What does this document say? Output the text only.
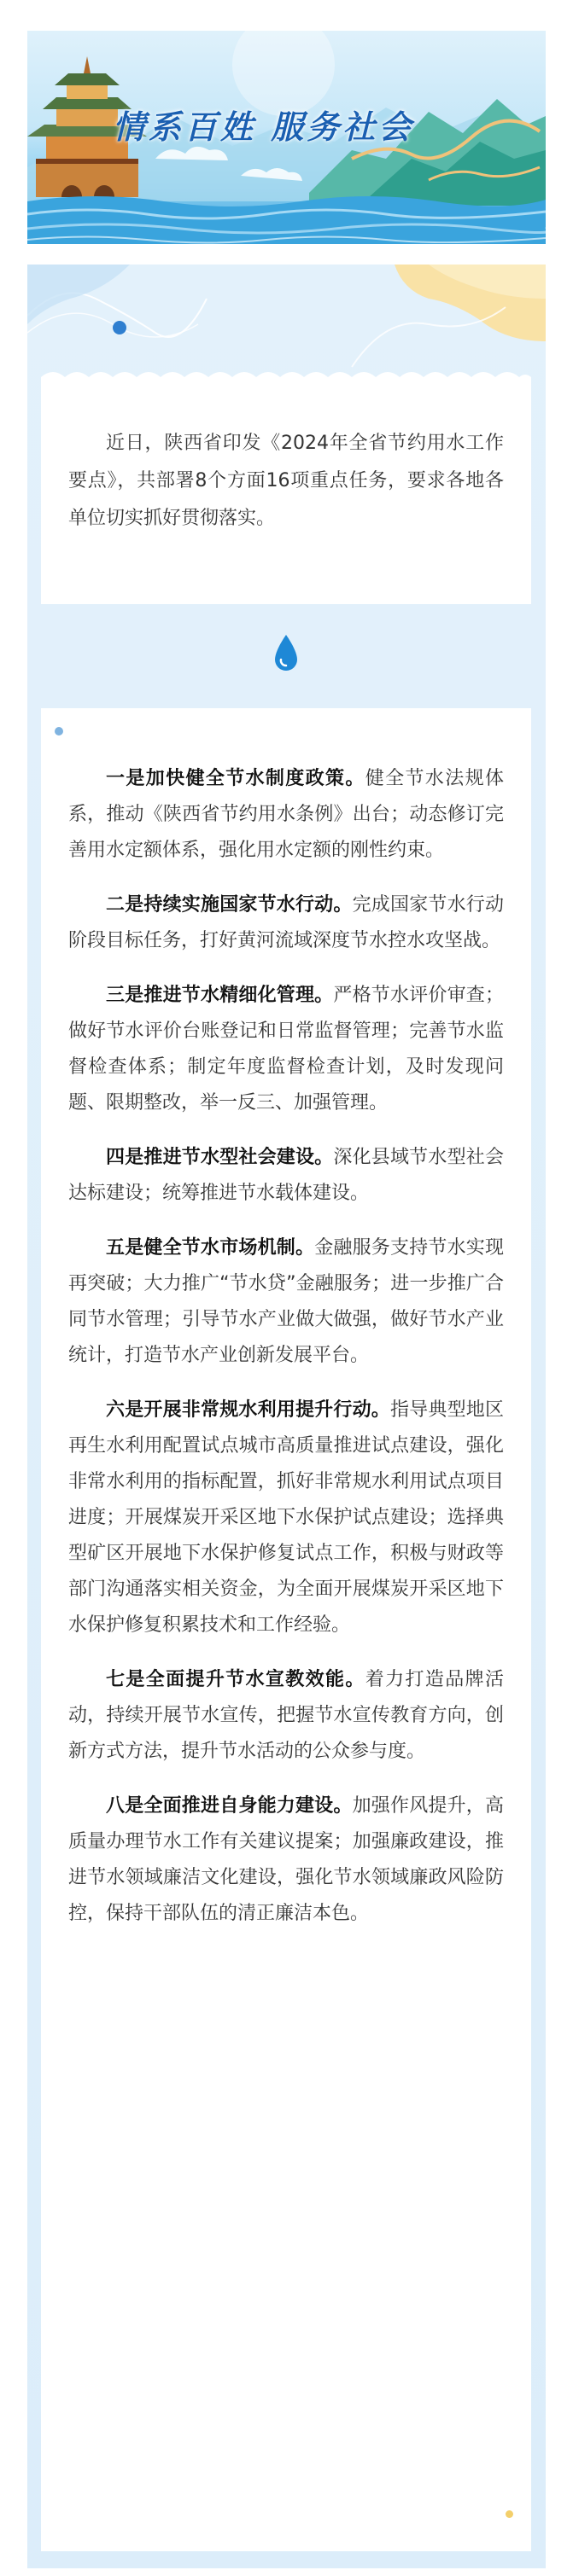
情系百姓 服务社会
近日，陕西省印发《2024年全省节约用水工作要点》，共部署8个方面16项重点任务，要求各地各单位切实抓好贯彻落实。

一是加快健全节水制度政策。健全节水法规体系，推动《陕西省节约用水条例》出台；动态修订完善用水定额体系，强化用水定额的刚性约束。

二是持续实施国家节水行动。完成国家节水行动阶段目标任务，打好黄河流域深度节水控水攻坚战。

三是推进节水精细化管理。严格节水评价审查；做好节水评价台账登记和日常监督管理；完善节水监督检查体系；制定年度监督检查计划，及时发现问题、限期整改，举一反三、加强管理。

四是推进节水型社会建设。深化县域节水型社会达标建设；统筹推进节水载体建设。

五是健全节水市场机制。金融服务支持节水实现再突破；大力推广“节水贷”金融服务；进一步推广合同节水管理；引导节水产业做大做强，做好节水产业统计，打造节水产业创新发展平台。

六是开展非常规水利用提升行动。指导典型地区再生水利用配置试点城市高质量推进试点建设，强化非常水利用的指标配置，抓好非常规水利用试点项目进度；开展煤炭开采区地下水保护试点建设；选择典型矿区开展地下水保护修复试点工作，积极与财政等部门沟通落实相关资金，为全面开展煤炭开采区地下水保护修复积累技术和工作经验。

七是全面提升节水宣教效能。着力打造品牌活动，持续开展节水宣传，把握节水宣传教育方向，创新方式方法，提升节水活动的公众参与度。

八是全面推进自身能力建设。加强作风提升，高质量办理节水工作有关建议提案；加强廉政建设，推进节水领域廉洁文化建设，强化节水领域廉政风险防控，保持干部队伍的清正廉洁本色。
